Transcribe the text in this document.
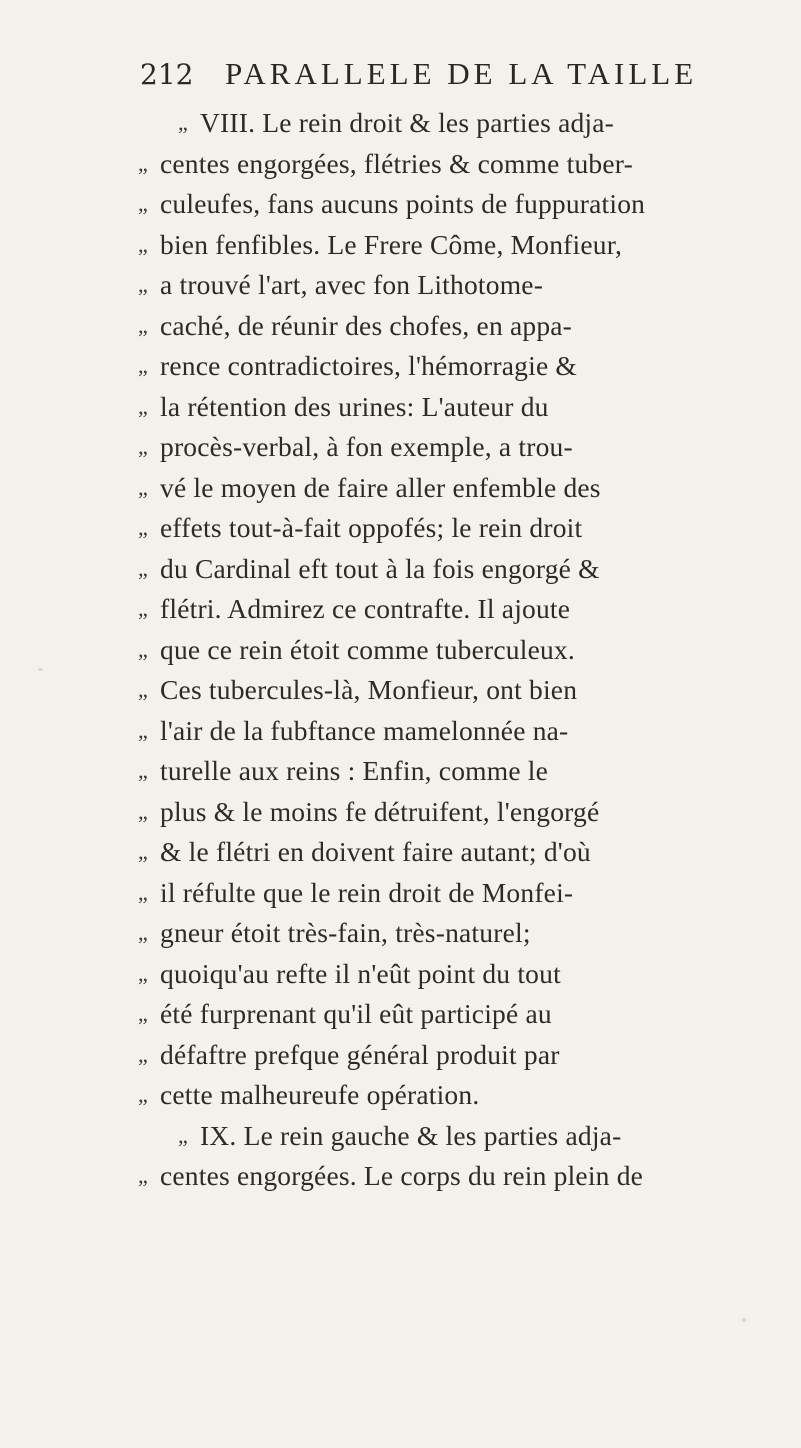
212 PARALLELE DE LA TAILLE
„ VIII. Le rein droit & les parties adja-
„ centes engorgées, flétries & comme tuber-
„ culeufes, fans aucuns points de fuppuration
„ bien fenfibles. Le Frere Côme, Monfieur,
„ a trouvé l'art, avec fon Lithotome-
„ caché, de réunir des chofes, en appa-
„ rence contradictoires, l'hémorragie &
„ la rétention des urines: L'auteur du
„ procès-verbal, à fon exemple, a trou-
„ vé le moyen de faire aller enfemble des
„ effets tout-à-fait oppofés; le rein droit
„ du Cardinal eft tout à la fois engorgé &
„ flétri. Admirez ce contrafte. Il ajoute
„ que ce rein étoit comme tuberculeux.
„ Ces tubercules-là, Monfieur, ont bien
„ l'air de la fubftance mamelonnée na-
„ turelle aux reins : Enfin, comme le
„ plus & le moins fe détruifent, l'engorgé
„ & le flétri en doivent faire autant; d'où
„ il réfulte que le rein droit de Monfei-
„ gneur étoit très-fain, très-naturel;
„ quoiqu'au refte il n'eût point du tout
„ été furprenant qu'il eût participé au
„ défaftre prefque général produit par
„ cette malheureufe opération.
„ IX. Le rein gauche & les parties adja-
„ centes engorgées. Le corps du rein plein de
